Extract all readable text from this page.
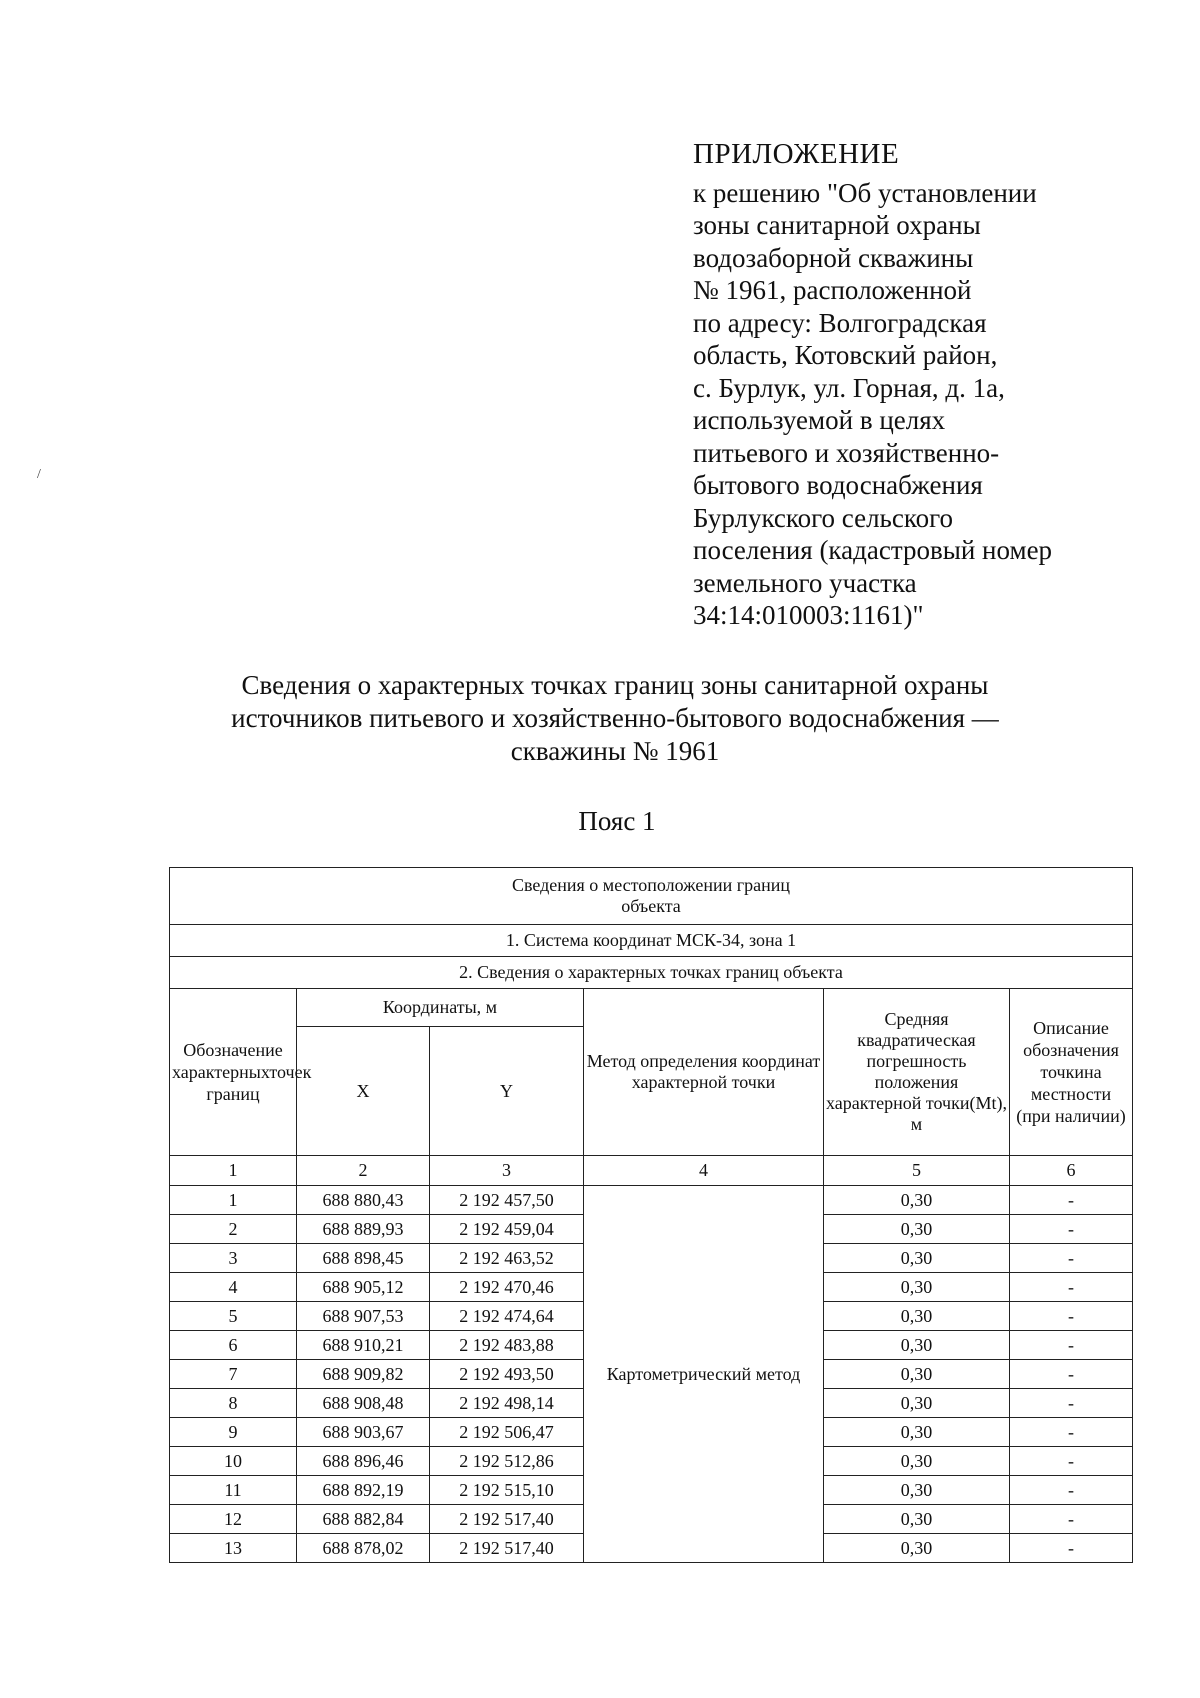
/
ПРИЛОЖЕНИЕ
к решению "Об установлении
зоны санитарной охраны
водозаборной скважины
№ 1961, расположенной
по адресу: Волгоградская
область, Котовский район,
с. Бурлук, ул. Горная, д. 1а,
используемой в целях
питьевого и хозяйственно-
бытового водоснабжения
Бурлукского сельского
поселения (кадастровый номер
земельного участка
34:14:010003:1161)"
Сведения о характерных точках границ зоны санитарной охраны
источников питьевого и хозяйственно-бытового водоснабжения —
скважины № 1961
Пояс 1
Сведения о местоположении границ объекта					
1. Система координат МСК-34, зона 1					
2. Сведения о характерных точках границ объекта					
Обозначение характерныхточек границ	Координаты, м		Метод определения координат характерной точки	Средняя квадратическая погрешность положения характерной точки(Mt), м	Описание обозначения точкина местности (при наличии)
	X	Y			
1	2	3	4	5	6
1	688 880,43	2 192 457,50	Картометрический метод	0,30	-
2	688 889,93	2 192 459,04		0,30	-
3	688 898,45	2 192 463,52		0,30	-
4	688 905,12	2 192 470,46		0,30	-
5	688 907,53	2 192 474,64		0,30	-
6	688 910,21	2 192 483,88		0,30	-
7	688 909,82	2 192 493,50		0,30	-
8	688 908,48	2 192 498,14		0,30	-
9	688 903,67	2 192 506,47		0,30	-
10	688 896,46	2 192 512,86		0,30	-
11	688 892,19	2 192 515,10		0,30	-
12	688 882,84	2 192 517,40		0,30	-
13	688 878,02	2 192 517,40		0,30	-
